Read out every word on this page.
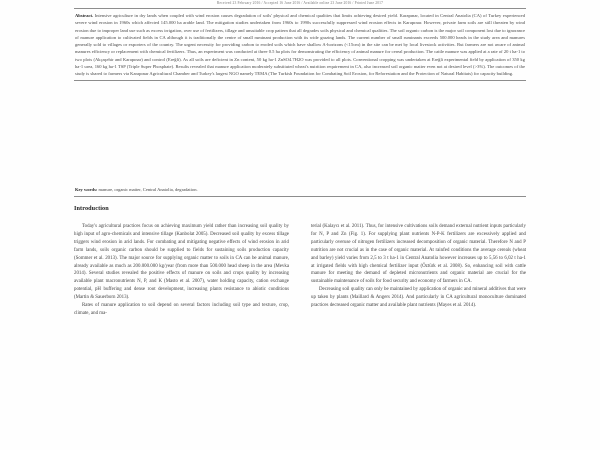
Received 23 February 2016 / Accepted 16 June 2016 / Available online 23 June 2016 / Printed June 2017

Abstract. Intensive agriculture in dry lands when coupled with wind erosion causes degradation of soils' physical and chemical qualities that limits achieving desired yield. Karapınar, located in Central Anatolia (CA) of Turkey experienced severe wind erosion in 1960s which affected 145.000 ha arable land. The mitigation studies undertaken from 1960s to 1990s successfully suppressed wind erosion effects in Karapınar. However, private farm soils are still threaten by wind erosion due to improper land use such as excess irrigation, over use of fertilizers, tillage and unsuitable crop pattern that all degrades soils physical and chemical qualities. The soil organic carbon is the major soil component lost due to ignorance of manure application to cultivated fields in CA although it is traditionally the centre of small ruminant production with its wide grazing lands. The current number of small ruminants exceeds 500.000 heads in the study area and manures generally sold to villages or exporters of the country. The urgent necessity for providing carbon to eroded soils which have shallow A-horizons (<15cm) in the site can be met by local livestock activities. But farmers are not aware of animal manures efficiency or replacement with chemical fertilizers. Thus, an experiment was conducted at three 0.5 ha plots for demonstrating the efficiency of animal manure for cereal production. The cattle manure was applied at a rate of 20 t ha-1 to two plots (Akçaşehir and Karapınar) and control (Ereğli). As all soils are deficient in Zn content, 50 kg ha-1 ZnSO4.7H2O was provided to all plots. Conventional cropping was undertaken at Ereğli experimental field by application of 350 kg ha-1 urea, 160 kg ha-1 TSP (Triple Super Phosphate). Results revealed that manure application moderately substituted wheat's nutrition requirement in CA, also increased soil organic matter even not at desired level (>3%). The outcomes of the study is shared to farmers via Karapınar Agricultural Chamber and Turkey's largest NGO namely TEMA (The Turkish Foundation for Combating Soil Erosion, for Reforestation and the Protection of Natural Habitats) for capacity building.

Key words: manure, organic matter, Central Anatolia, degradation.

Introduction

Today's agricultural practices focus on achieving maximum yield rather than increasing soil quality by high input of agro-chemicals and intensive tillage (Kanbolat 2005). Decreased soil quality by excess tillage triggers wind erosion in arid lands. For combating and mitigating negative effects of wind erosion in arid farm lands, soils organic carbon should be supplied to fields for sustaining soils production capacity (Sommer et al. 2013). The major source for supplying organic matter to soils in CA can be animal manure, already available as much as 200.000.000 kg/year (from more than 500.000 head sheep in the area (Mevka 2014). Several studies revealed the positive effects of manure on soils and crops quality by increasing available plant macronutrients N, P, and K (Masto et al. 2007), water holding capacity, cation exchange potential, pH buffering and dense root development, increasing plants resistance to abiotic conditions (Martin & Sauerborn 2013).

Rates of manure application to soil depend on several factors including soil type and texture, crop, climate, and ma-

terial (Kalaycı et al. 2011). Thus, for intensive cultivations soils demand external nutrient inputs particularly for N, P and Zn (Fig. 1). For supplying plant nutrients N-P-K fertilizers are excessively applied and particularly overuse of nitrogen fertilizers increased decomposition of organic material. Therefore N and P nutrition are not crucial as in the case of organic material. At rainfed conditions the average cereals (wheat and barley) yield varies from 2,5 to 3 t ha-1 in Central Anatolia however increases up to 5,56 to 6,02 t ha-1 at irrigated fields with high chemical fertilizer input (Öztürk et al. 2008). So, enhancing soil with cattle manure for meeting the demand of depleted micronutrients and organic material are crucial for the sustainable maintenance of soils for food security and economy of farmers in CA.

Decreasing soil quality can only be maintained by application of organic and mineral additives that were up taken by plants (Maillard & Angers 2014). And particularly in CA agricultural monoculture dominated practices decreased organic matter and available plant nutrients (Mayes et al. 2014).
